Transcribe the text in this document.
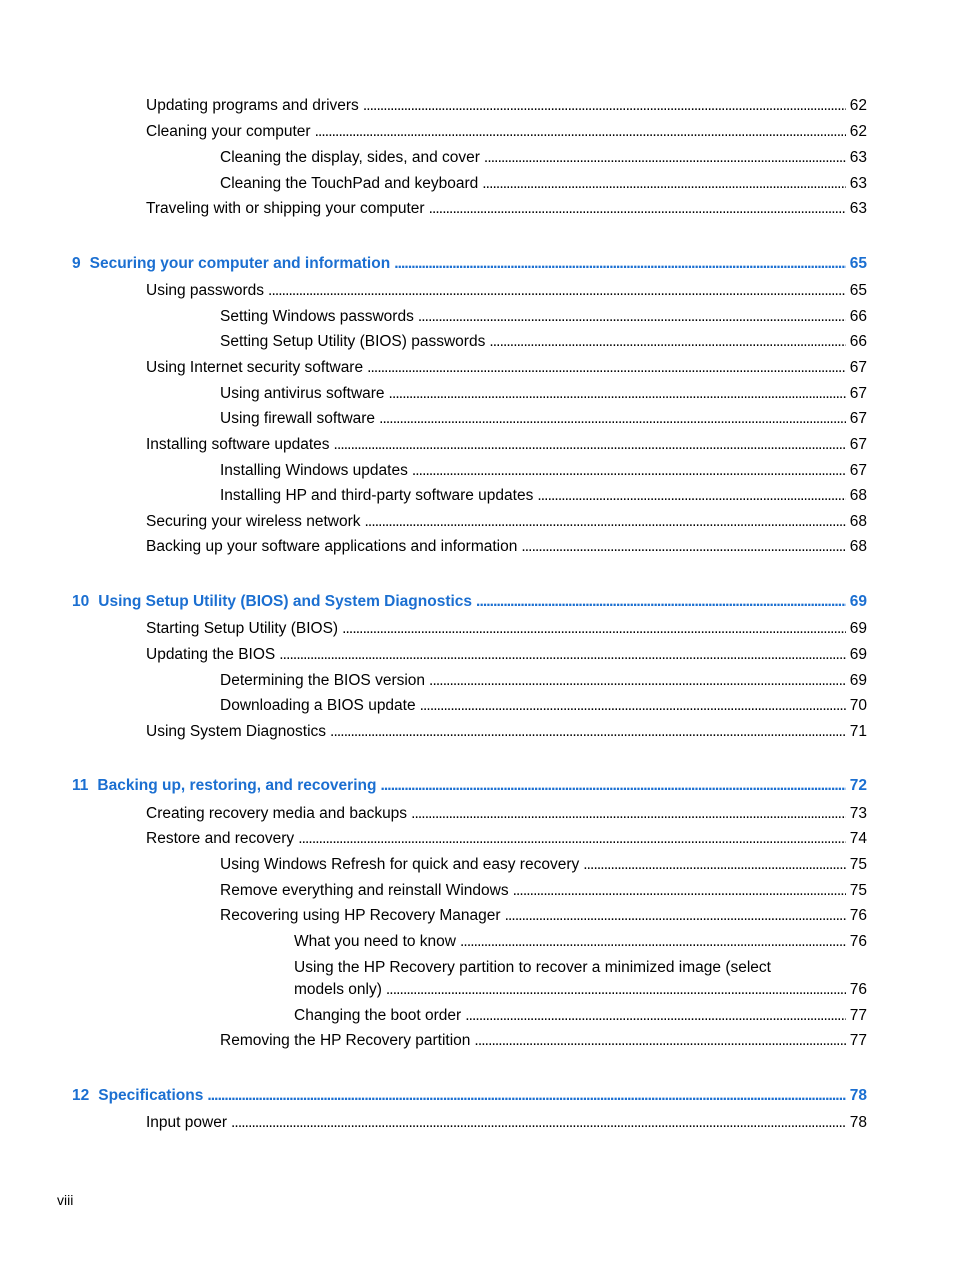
Updating programs and drivers . . .	62
Cleaning your computer . . .	62
Cleaning the display, sides, and cover . . .	63
Cleaning the TouchPad and keyboard . . .	63
Traveling with or shipping your computer . . .	63
9 Securing your computer and information . . .	65
Using passwords . . .	65
Setting Windows passwords . . .	66
Setting Setup Utility (BIOS) passwords . . .	66
Using Internet security software . . .	67
Using antivirus software . . .	67
Using firewall software . . .	67
Installing software updates . . .	67
Installing Windows updates . . .	67
Installing HP and third-party software updates . . .	68
Securing your wireless network . . .	68
Backing up your software applications and information . . .	68
10 Using Setup Utility (BIOS) and System Diagnostics . . .	69
Starting Setup Utility (BIOS) . . .	69
Updating the BIOS . . .	69
Determining the BIOS version . . .	69
Downloading a BIOS update . . .	70
Using System Diagnostics . . .	71
11 Backing up, restoring, and recovering . . .	72
Creating recovery media and backups . . .	73
Restore and recovery . . .	74
Using Windows Refresh for quick and easy recovery . . .	75
Remove everything and reinstall Windows . . .	75
Recovering using HP Recovery Manager . . .	76
What you need to know . . .	76
Using the HP Recovery partition to recover a minimized image (select
models only) . . .	76
Changing the boot order . . .	77
Removing the HP Recovery partition . . .	77
12 Specifications . . .	78
Input power . . .	78
viii
